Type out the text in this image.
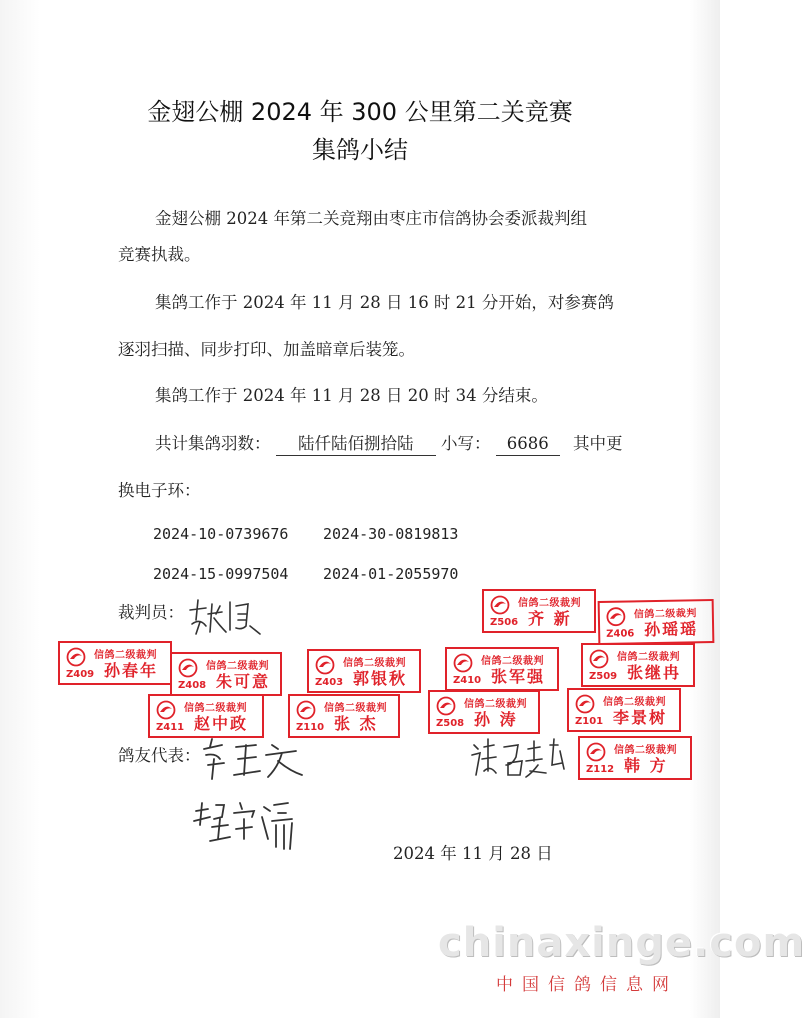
金翅公棚 2024 年 300 公里第二关竞赛
集鸽小结
金翅公棚 2024 年第二关竞翔由枣庄市信鸽协会委派裁判组
竞赛执裁。
集鸽工作于 2024 年 11 月 28 日 16 时 21 分开始，对参赛鸽
逐羽扫描、同步打印、加盖暗章后装笼。
集鸽工作于 2024 年 11 月 28 日 20 时 34 分结束。
共计集鸽羽数： 陆仟陆佰捌拾陆 小写： 6686 其中更
换电子环：
2024-10-0739676 2024-30-0819813
2024-15-0997504 2024-01-2055970
裁判员：
鸽友代表：
信鸽二级裁判
Z506 齐 新	信鸽二级裁判
Z406 孙瑶瑶
信鸽二级裁判
Z409 孙春年	信鸽二级裁判
Z408 朱可意
信鸽二级裁判
Z403 郭银秋
信鸽二级裁判
Z410 张军强
信鸽二级裁判
Z509 张继冉
信鸽二级裁判
Z411 赵中政
信鸽二级裁判
Z110 张 杰
信鸽二级裁判
Z508 孙 涛
信鸽二级裁判
Z101 李景树
信鸽二级裁判
Z112 韩 方
2024 年 11 月 28 日
chinaxinge.com
中国信鸽信息网
